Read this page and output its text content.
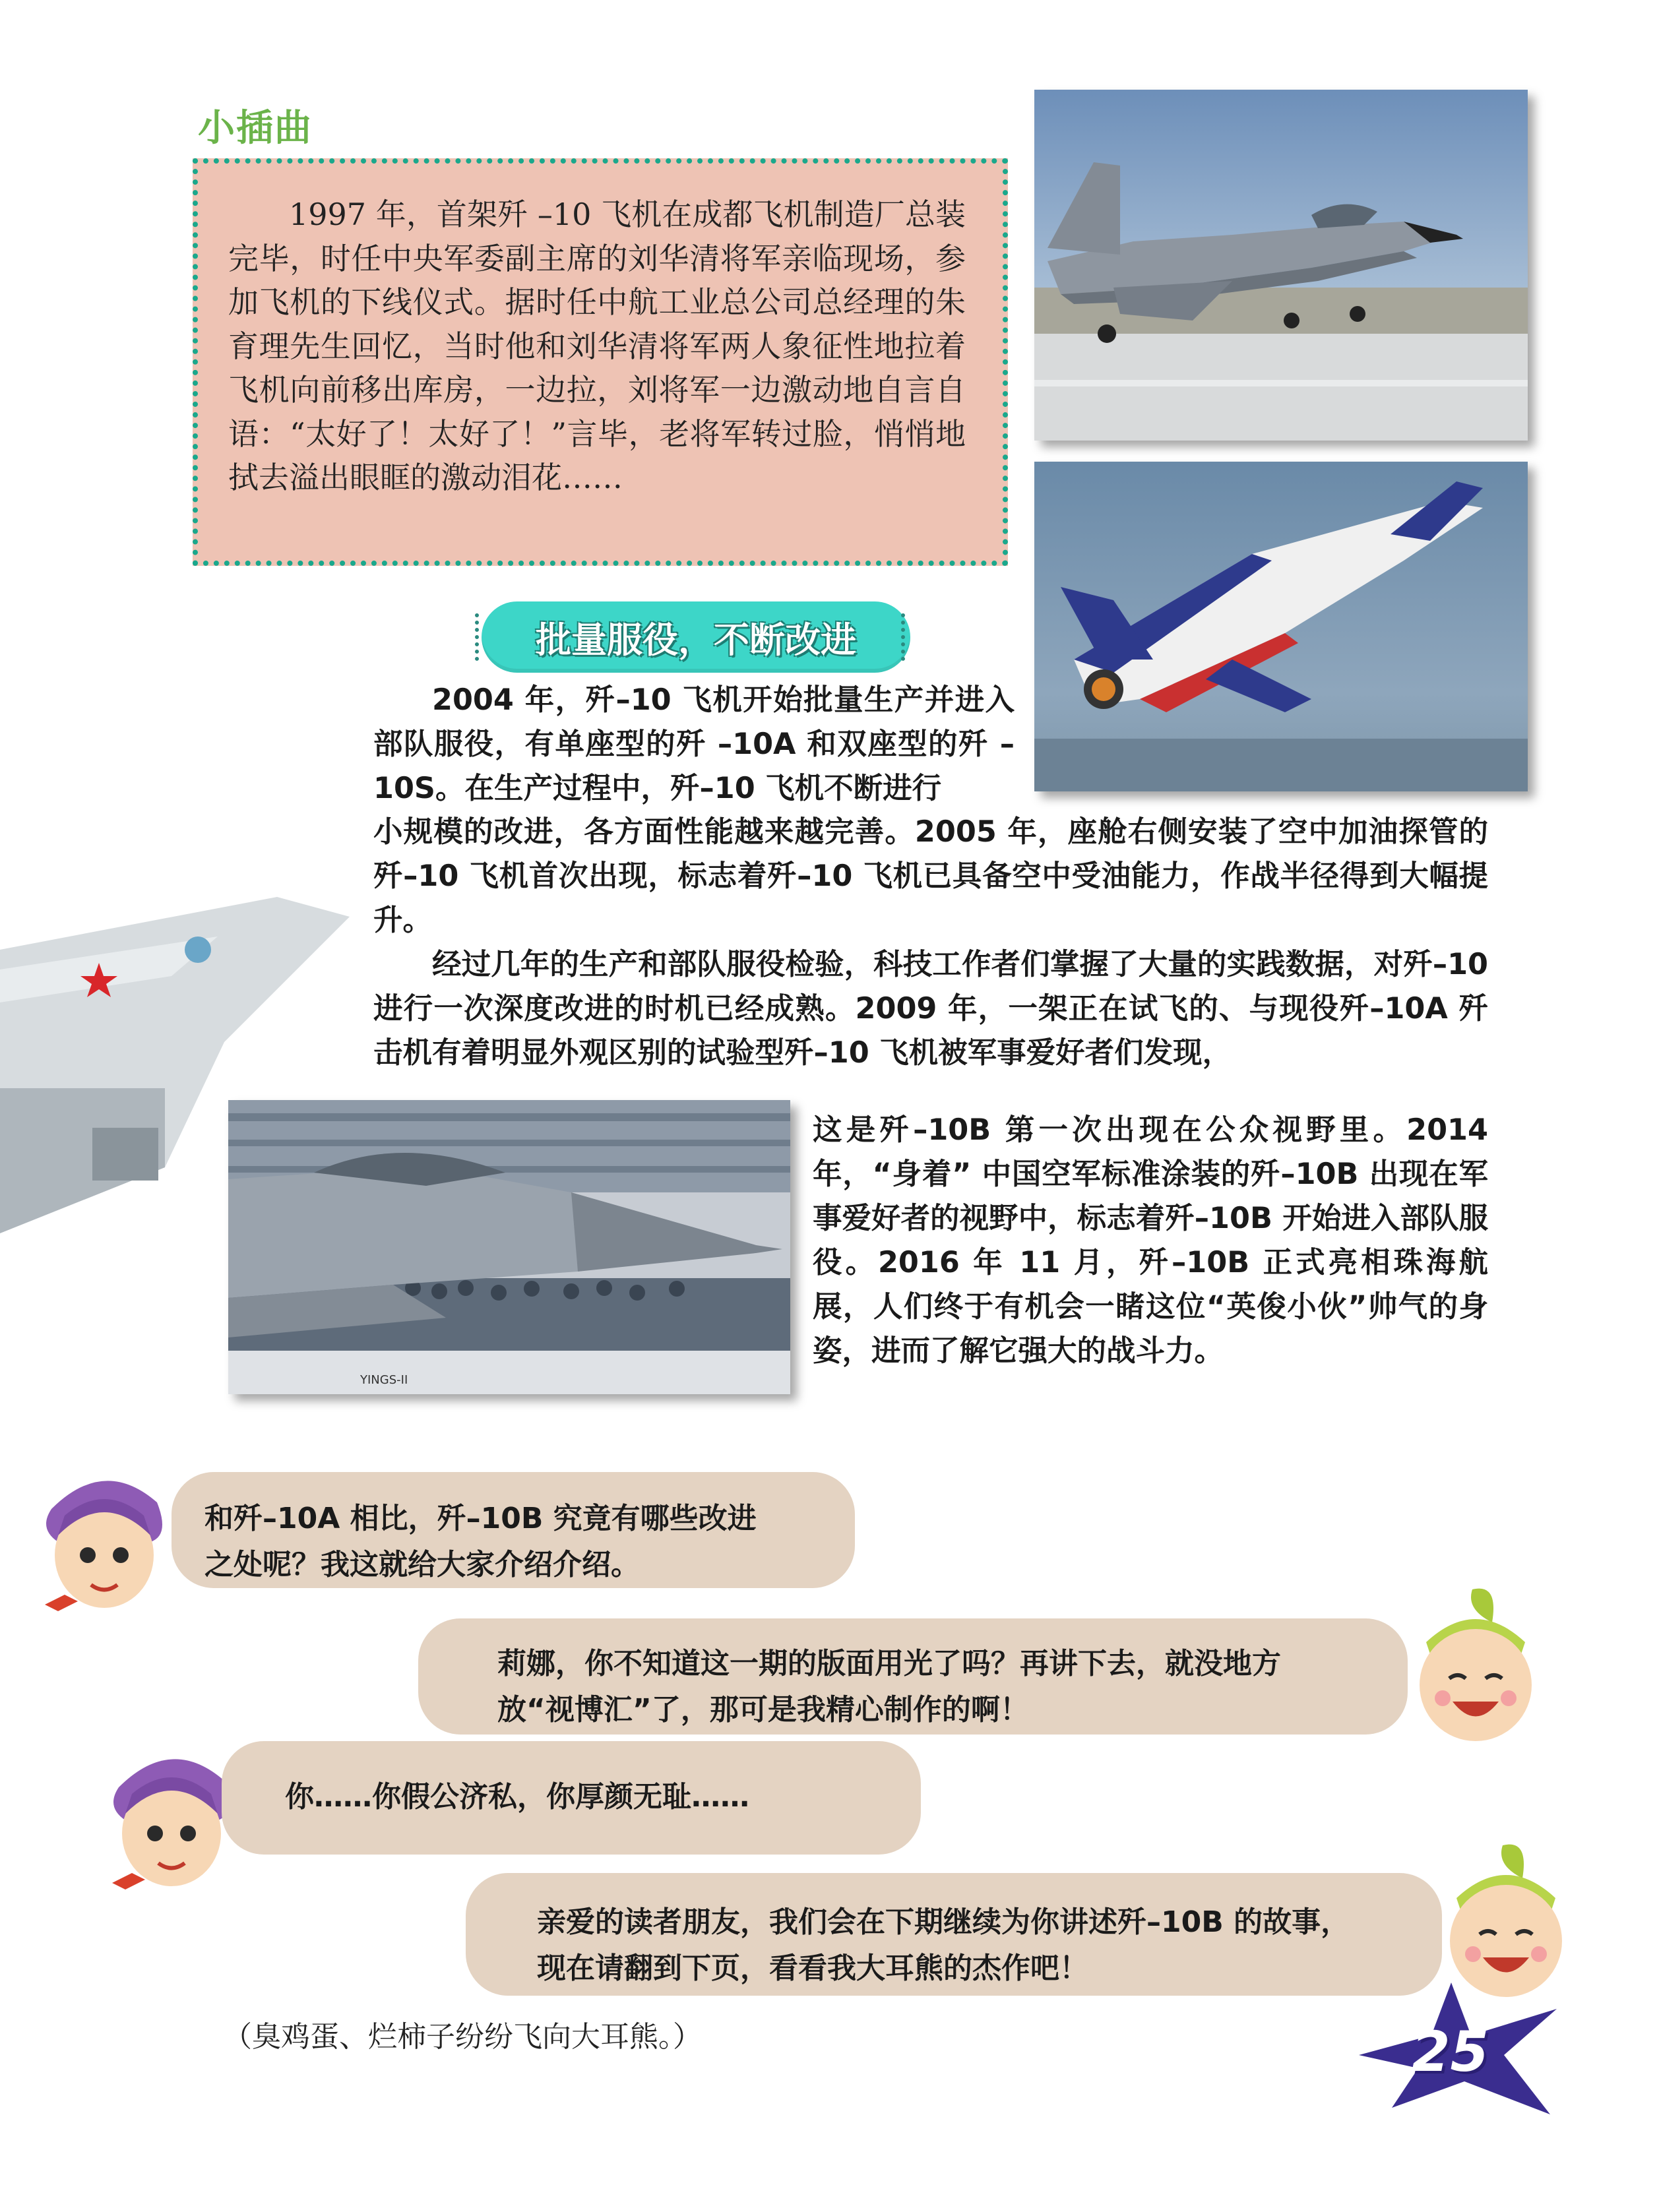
小插曲

1997 年，首架歼 –10 飞机在成都飞机制造厂总装完毕，时任中央军委副主席的刘华清将军亲临现场，参加飞机的下线仪式。据时任中航工业总公司总经理的朱育理先生回忆，当时他和刘华清将军两人象征性地拉着飞机向前移出库房，一边拉，刘将军一边激动地自言自语：“太好了！太好了！”言毕，老将军转过脸，悄悄地拭去溢出眼眶的激动泪花……

YINGS-II
批量服役，不断改进

2004 年，歼–10 飞机开始批量生产并进入部队服役，有单座型的歼 –10A 和双座型的歼 –10S。在生产过程中，歼–10 飞机不断进行

小规模的改进，各方面性能越来越完善。2005 年，座舱右侧安装了空中加油探管的歼–10 飞机首次出现，标志着歼–10 飞机已具备空中受油能力，作战半径得到大幅提升。

经过几年的生产和部队服役检验，科技工作者们掌握了大量的实践数据，对歼–10 进行一次深度改进的时机已经成熟。2009 年，一架正在试飞的、与现役歼–10A 歼击机有着明显外观区别的试验型歼–10 飞机被军事爱好者们发现，

这是歼–10B 第一次出现在公众视野里。2014 年，“身着” 中国空军标准涂装的歼–10B 出现在军事爱好者的视野中，标志着歼–10B 开始进入部队服役。2016 年 11 月，歼–10B 正式亮相珠海航展，人们终于有机会一睹这位“英俊小伙”帅气的身姿，进而了解它强大的战斗力。

和歼–10A 相比，歼–10B 究竟有哪些改进
之处呢？我这就给大家介绍介绍。
莉娜，你不知道这一期的版面用光了吗？再讲下去，就没地方
放“视博汇”了，那可是我精心制作的啊！
你……你假公济私，你厚颜无耻……
亲爱的读者朋友，我们会在下期继续为你讲述歼–10B 的故事，
现在请翻到下页，看看我大耳熊的杰作吧！
（臭鸡蛋、烂柿子纷纷飞向大耳熊。）	25
